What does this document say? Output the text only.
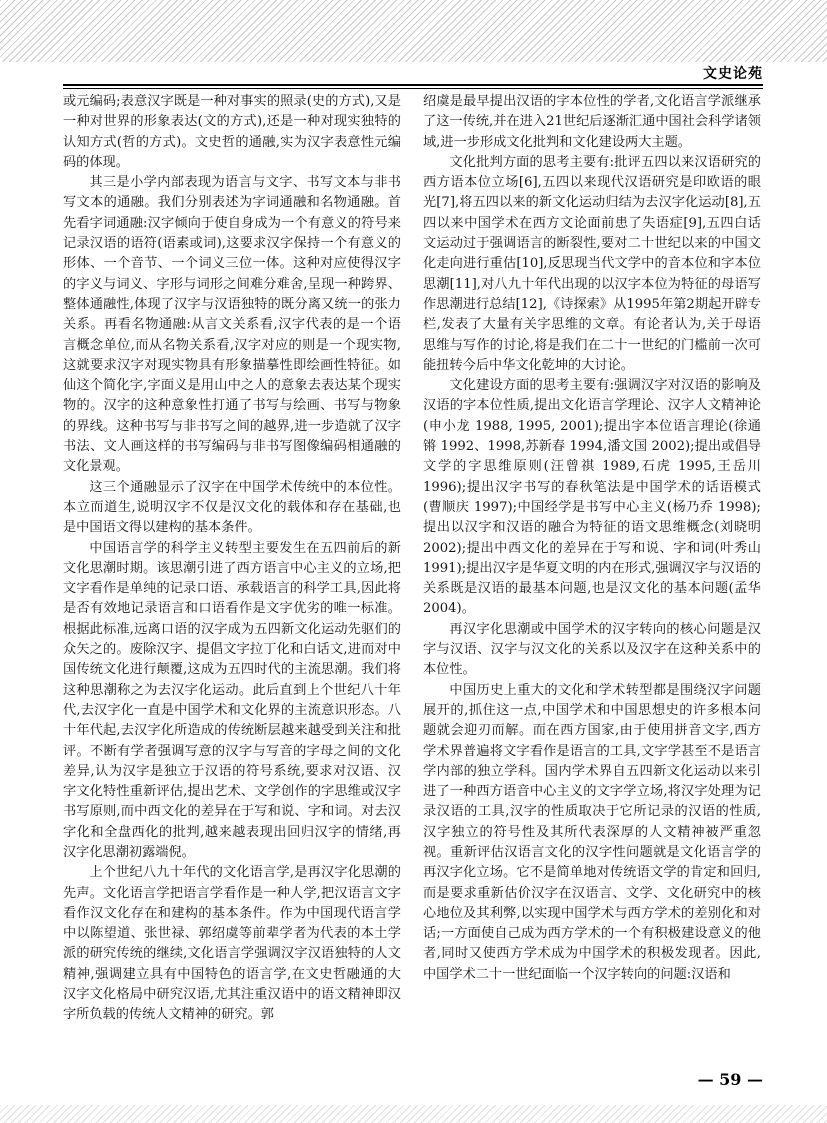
文史论苑

或元编码;表意汉字既是一种对事实的照录(史的方式),又是一种对世界的形象表达(文的方式),还是一种对现实独特的认知方式(哲的方式)。文史哲的通融,实为汉字表意性元编码的体现。

其三是小学内部表现为语言与文字、书写文本与非书写文本的通融。我们分别表述为字词通融和名物通融。首先看字词通融:汉字倾向于使自身成为一个有意义的符号来记录汉语的语符(语素或词),这要求汉字保持一个有意义的形体、一个音节、一个词义三位一体。这种对应使得汉字的字义与词义、字形与词形之间难分难舍,呈现一种跨界、整体通融性,体现了汉字与汉语独特的既分离又统一的张力关系。再看名物通融:从言文关系看,汉字代表的是一个语言概念单位,而从名物关系看,汉字对应的则是一个现实物,这就要求汉字对现实物具有形象描摹性即绘画性特征。如仙这个简化字,字面义是用山中之人的意象去表达某个现实物的。汉字的这种意象性打通了书写与绘画、书写与物象的界线。这种书写与非书写之间的越界,进一步造就了汉字书法、文人画这样的书写编码与非书写图像编码相通融的文化景观。

这三个通融显示了汉字在中国学术传统中的本位性。本立而道生,说明汉字不仅是汉文化的载体和存在基础,也是中国语文得以建构的基本条件。

中国语言学的科学主义转型主要发生在五四前后的新文化思潮时期。该思潮引进了西方语言中心主义的立场,把文字看作是单纯的记录口语、承载语言的科学工具,因此将是否有效地记录语言和口语看作是文字优劣的唯一标准。根据此标准,远离口语的汉字成为五四新文化运动先驱们的众矢之的。废除汉字、提倡文字拉丁化和白话文,进而对中国传统文化进行颠覆,这成为五四时代的主流思潮。我们将这种思潮称之为去汉字化运动。此后直到上个世纪八十年代,去汉字化一直是中国学术和文化界的主流意识形态。八十年代起,去汉字化所造成的传统断层越来越受到关注和批评。不断有学者强调写意的汉字与写音的字母之间的文化差异,认为汉字是独立于汉语的符号系统,要求对汉语、汉字文化特性重新评估,提出艺术、文学创作的字思维或汉字书写原则,而中西文化的差异在于写和说、字和词。对去汉字化和全盘西化的批判,越来越表现出回归汉字的情绪,再汉字化思潮初露端倪。

上个世纪八九十年代的文化语言学,是再汉字化思潮的先声。文化语言学把语言学看作是一种人学,把汉语言文字看作汉文化存在和建构的基本条件。作为中国现代语言学中以陈望道、张世禄、郭绍虞等前辈学者为代表的本土学派的研究传统的继续,文化语言学强调汉字汉语独特的人文精神,强调建立具有中国特色的语言学,在文史哲融通的大汉字文化格局中研究汉语,尤其注重汉语中的语文精神即汉字所负载的传统人文精神的研究。郭

绍虞是最早提出汉语的字本位性的学者,文化语言学派继承了这一传统,并在进入21世纪后逐渐汇通中国社会科学诸领域,进一步形成文化批判和文化建设两大主题。

文化批判方面的思考主要有:批评五四以来汉语研究的西方语本位立场[6],五四以来现代汉语研究是印欧语的眼光[7],将五四以来的新文化运动归结为去汉字化运动[8],五四以来中国学术在西方文论面前患了失语症[9],五四白话文运动过于强调语言的断裂性,要对二十世纪以来的中国文化走向进行重估[10],反思现当代文学中的音本位和字本位思潮[11],对八九十年代出现的以汉字本位为特征的母语写作思潮进行总结[12],《诗探索》从1995年第2期起开辟专栏,发表了大量有关字思维的文章。有论者认为,关于母语思维与写作的讨论,将是我们在二十一世纪的门槛前一次可能扭转今后中华文化乾坤的大讨论。

文化建设方面的思考主要有:强调汉字对汉语的影响及汉语的字本位性质,提出文化语言学理论、汉字人文精神论(申小龙 1988, 1995, 2001);提出字本位语言理论(徐通锵 1992、1998,苏新春 1994,潘文国 2002);提出或倡导文学的字思维原则(汪曾祺 1989,石虎 1995,王岳川 1996);提出汉字书写的春秋笔法是中国学术的话语模式(曹顺庆 1997);中国经学是书写中心主义(杨乃乔 1998);提出以汉字和汉语的融合为特征的语文思维概念(刘晓明 2002);提出中西文化的差异在于写和说、字和词(叶秀山 1991);提出汉字是华夏文明的内在形式,强调汉字与汉语的关系既是汉语的最基本问题,也是汉文化的基本问题(孟华 2004)。

再汉字化思潮或中国学术的汉字转向的核心问题是汉字与汉语、汉字与汉文化的关系以及汉字在这种关系中的本位性。

中国历史上重大的文化和学术转型都是围绕汉字问题展开的,抓住这一点,中国学术和中国思想史的许多根本问题就会迎刃而解。而在西方国家,由于使用拼音文字,西方学术界普遍将文字看作是语言的工具,文字学甚至不是语言学内部的独立学科。国内学术界自五四新文化运动以来引进了一种西方语音中心主义的文字学立场,将汉字处理为记录汉语的工具,汉字的性质取决于它所记录的汉语的性质,汉字独立的符号性及其所代表深厚的人文精神被严重忽视。重新评估汉语言文化的汉字性问题就是文化语言学的再汉字化立场。它不是简单地对传统语文学的肯定和回归,而是要求重新估价汉字在汉语言、文学、文化研究中的核心地位及其利弊,以实现中国学术与西方学术的差别化和对话;一方面使自己成为西方学术的一个有积极建设意义的他者,同时又使西方学术成为中国学术的积极发现者。因此,中国学术二十一世纪面临一个汉字转向的问题:汉语和

— 59 —
